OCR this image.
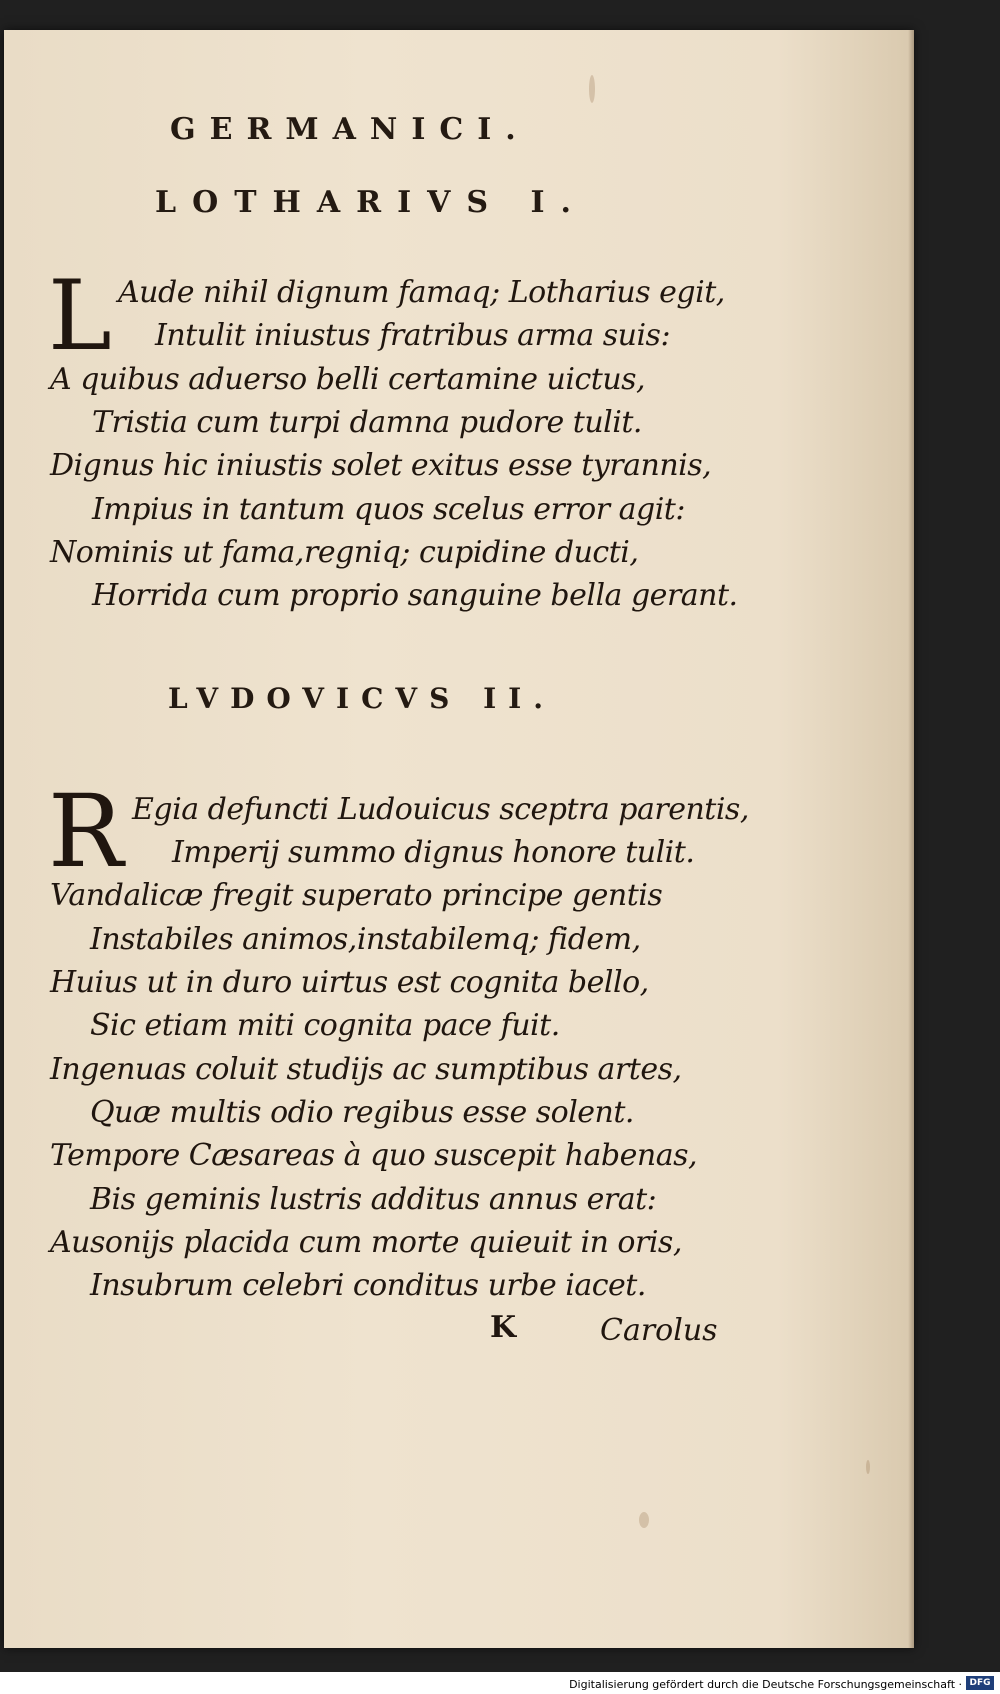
GERMANICI.
LOTHARIVS I.
L Aude nihil dignum famaq; Lotharius egit,
Intulit iniustus fratribus arma suis:
A quibus aduerso belli certamine uictus,
Tristia cum turpi damna pudore tulit.
Dignus hic iniustis solet exitus esse tyrannis,
Impius in tantum quos scelus error agit:
Nominis ut fama,regniq; cupidine ducti,
Horrida cum proprio sanguine bella gerant.
LVDOVICVS II.
R Egia defuncti Ludouicus sceptra parentis,
Imperij summo dignus honore tulit.
Vandalicæ fregit superato principe gentis
Instabiles animos,instabilemq; fidem,
Huius ut in duro uirtus est cognita bello,
Sic etiam miti cognita pace fuit.
Ingenuas coluit studijs ac sumptibus artes,
Quæ multis odio regibus esse solent.
Tempore Cæsareas à quo suscepit habenas,
Bis geminis lustris additus annus erat:
Ausonijs placida cum morte quieuit in oris,
Insubrum celebri conditus urbe iacet.
K	Carolus
Digitalisierung gefördert durch die Deutsche Forschungsgemeinschaft · DFG
